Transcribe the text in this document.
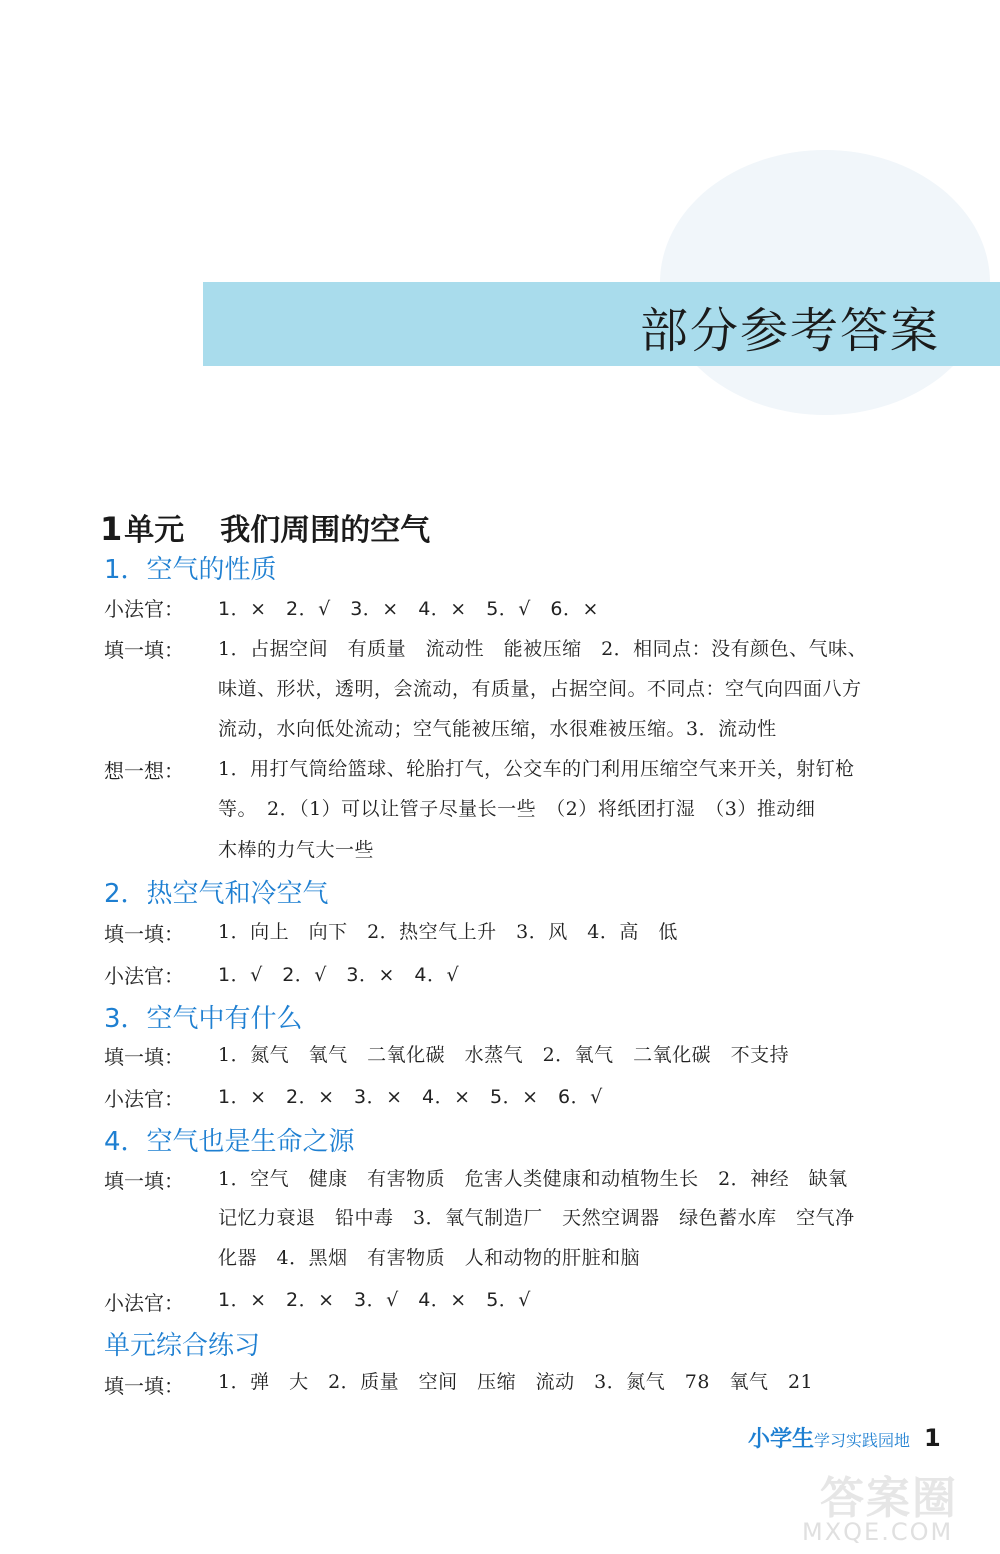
部分参考答案
1单元 我们周围的空气
1．空气的性质
小法官：	1．×　2．√　3．×　4．×　5．√　6．×
填一填：	1．占据空间　有质量　流动性　能被压缩　2．相同点：没有颜色、气味、
味道、形状，透明，会流动，有质量，占据空间。不同点：空气向四面八方
流动，水向低处流动；空气能被压缩，水很难被压缩。3．流动性
想一想：	1．用打气筒给篮球、轮胎打气，公交车的门利用压缩空气来开关，射钉枪
等。　2．（1）可以让管子尽量长一些　（2）将纸团打湿　（3）推动细
木棒的力气大一些
2．热空气和冷空气
填一填：	1．向上　向下　2．热空气上升　3．风　4．高　低
小法官：	1．√　2．√　3．×　4．√
3．空气中有什么
填一填：	1．氮气　氧气　二氧化碳　水蒸气　2．氧气　二氧化碳　不支持
小法官：	1．×　2．×　3．×　4．×　5．×　6．√
4．空气也是生命之源
填一填：	1．空气　健康　有害物质　危害人类健康和动植物生长　2．神经　缺氧
记忆力衰退　铅中毒　3．氧气制造厂　天然空调器　绿色蓄水库　空气净
化器　4．黑烟　有害物质　人和动物的肝脏和脑
小法官：	1．×　2．×　3．√　4．×　5．√
单元综合练习
填一填：	1．弹　大　2．质量　空间　压缩　流动　3．氮气　78　氧气　21
小学生学习实践园地 1
答案圈
MXQE.COM
